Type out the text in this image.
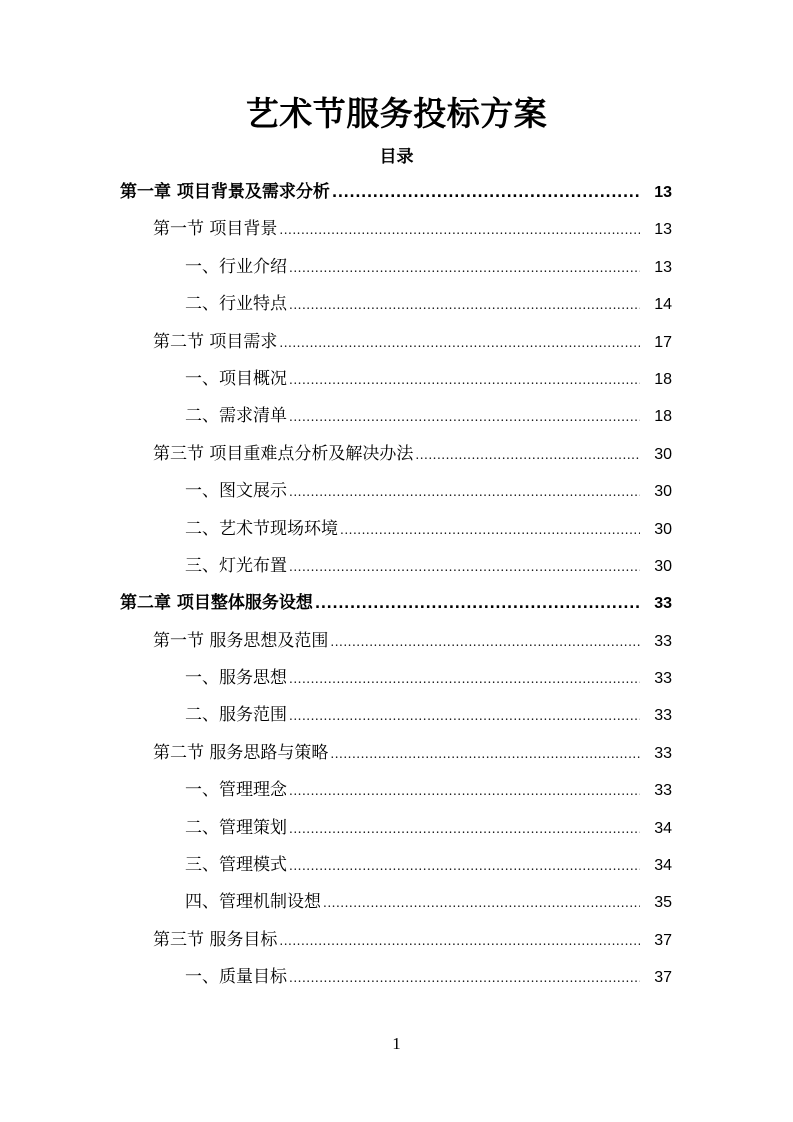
艺术节服务投标方案
目录
第一章 项目背景及需求分析 .....	13
第一节 项目背景 .....	13
一、行业介绍 .....	13
二、行业特点 .....	14
第二节 项目需求 .....	17
一、项目概况 .....	18
二、需求清单 .....	18
第三节 项目重难点分析及解决办法 .....	30
一、图文展示 .....	30
二、艺术节现场环境 .....	30
三、灯光布置 .....	30
第二章 项目整体服务设想 .....	33
第一节 服务思想及范围 .....	33
一、服务思想 .....	33
二、服务范围 .....	33
第二节 服务思路与策略 .....	33
一、管理理念 .....	33
二、管理策划 .....	34
三、管理模式 .....	34
四、管理机制设想 .....	35
第三节 服务目标 .....	37
一、质量目标 .....	37
1
